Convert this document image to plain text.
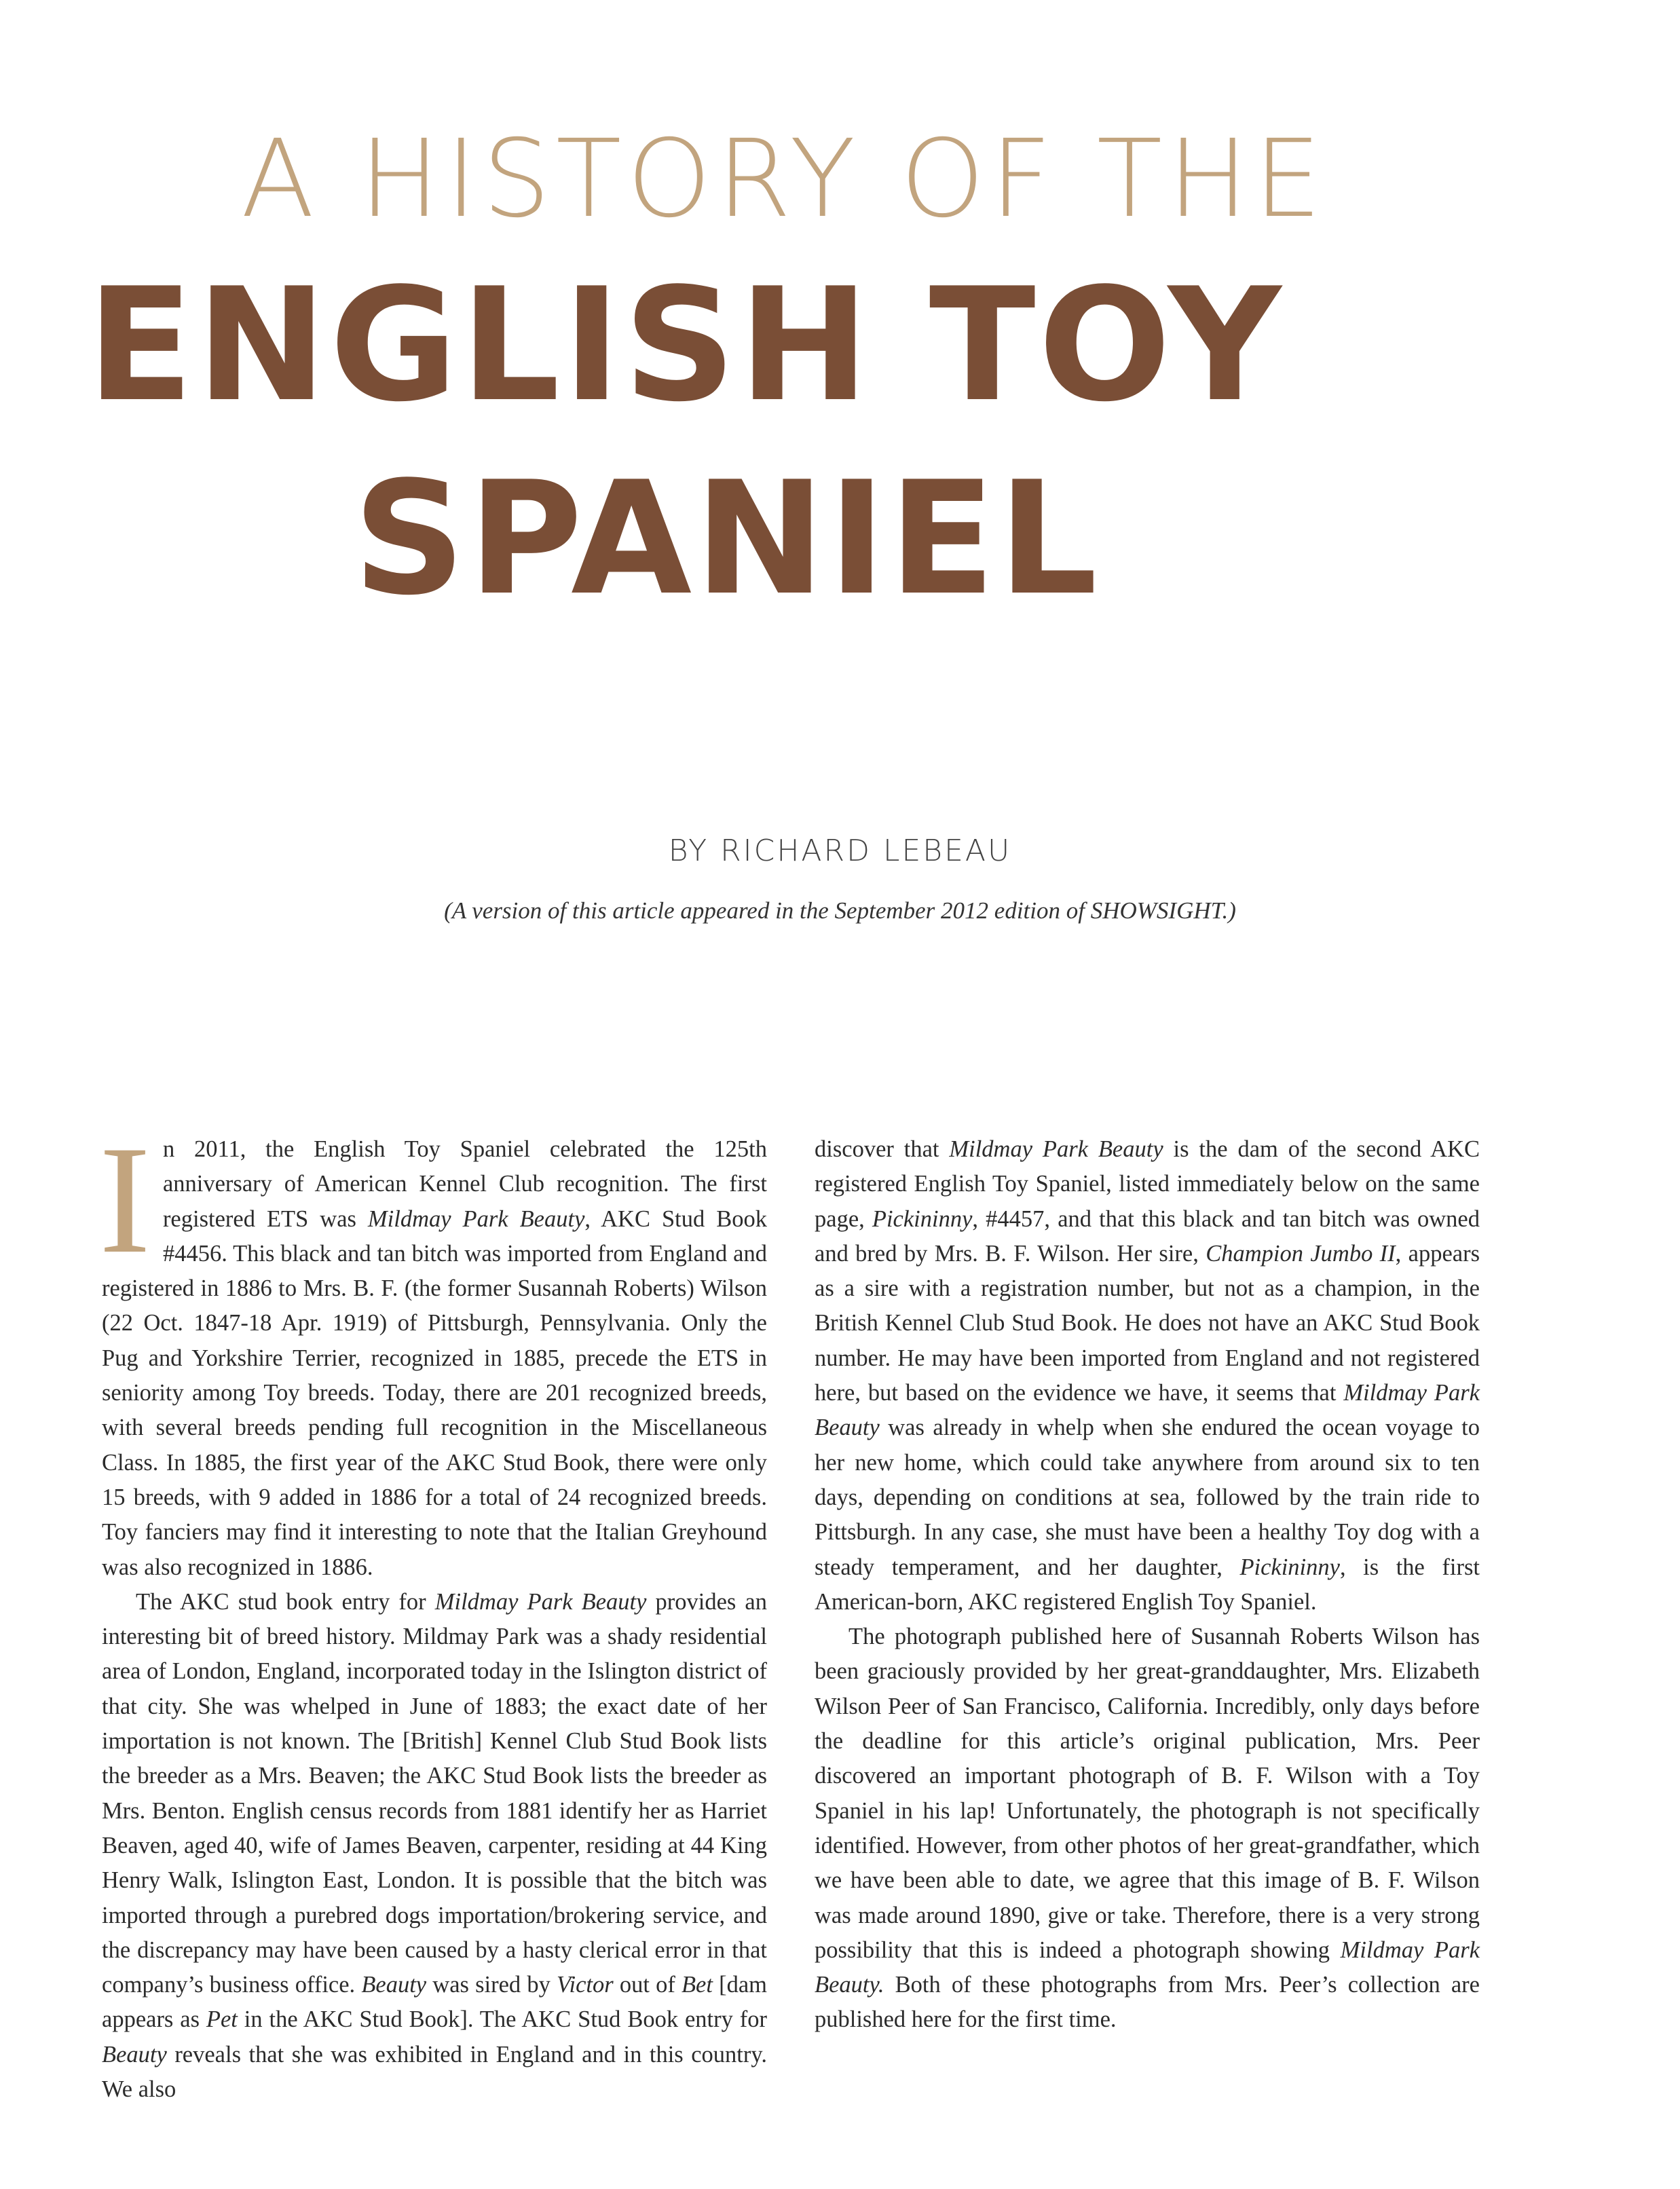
A HISTORY OF THE
ENGLISH TOY
SPANIEL
BY RICHARD LEBEAU
(A version of this article appeared in the September 2012 edition of SHOWSIGHT.)

In 2011, the English Toy Spaniel celebrated the 125th anniversary of American Kennel Club recognition. The first registered ETS was Mildmay Park Beauty, AKC Stud Book #4456. This black and tan bitch was imported from England and registered in 1886 to Mrs. B. F. (the former Susannah Roberts) Wilson (22 Oct. 1847-18 Apr. 1919) of Pittsburgh, Pennsylvania. Only the Pug and Yorkshire Terrier, recognized in 1885, precede the ETS in seniority among Toy breeds. Today, there are 201 recognized breeds, with several breeds pending full recognition in the Miscellaneous Class. In 1885, the first year of the AKC Stud Book, there were only 15 breeds, with 9 added in 1886 for a total of 24 recognized breeds. Toy fanciers may find it interesting to note that the Italian Greyhound was also recognized in 1886.

The AKC stud book entry for Mildmay Park Beauty provides an interesting bit of breed history. Mildmay Park was a shady residential area of London, England, incorporated today in the Islington district of that city. She was whelped in June of 1883; the exact date of her importation is not known. The [British] Kennel Club Stud Book lists the breeder as a Mrs. Beaven; the AKC Stud Book lists the breeder as Mrs. Benton. English census records from 1881 identify her as Harriet Beaven, aged 40, wife of James Beaven, carpenter, residing at 44 King Henry Walk, Islington East, London. It is possible that the bitch was imported through a purebred dogs importation/brokering service, and the discrepancy may have been caused by a hasty clerical error in that company’s business office. Beauty was sired by Victor out of Bet [dam appears as Pet in the AKC Stud Book]. The AKC Stud Book entry for Beauty reveals that she was exhibited in England and in this country. We also

discover that Mildmay Park Beauty is the dam of the second AKC registered English Toy Spaniel, listed immediately below on the same page, Pickininny, #4457, and that this black and tan bitch was owned and bred by Mrs. B. F. Wilson. Her sire, Champion Jumbo II, appears as a sire with a registration number, but not as a champion, in the British Kennel Club Stud Book. He does not have an AKC Stud Book number. He may have been imported from England and not registered here, but based on the evidence we have, it seems that Mildmay Park Beauty was already in whelp when she endured the ocean voyage to her new home, which could take anywhere from around six to ten days, depending on conditions at sea, followed by the train ride to Pittsburgh. In any case, she must have been a healthy Toy dog with a steady temperament, and her daughter, Pickininny, is the first American-born, AKC registered English Toy Spaniel.

The photograph published here of Susannah Roberts Wilson has been graciously provided by her great-granddaughter, Mrs. Elizabeth Wilson Peer of San Francisco, California. Incredibly, only days before the deadline for this article’s original publication, Mrs. Peer discovered an important photograph of B. F. Wilson with a Toy Spaniel in his lap! Unfortunately, the photograph is not specifically identified. However, from other photos of her great-grandfather, which we have been able to date, we agree that this image of B. F. Wilson was made around 1890, give or take. Therefore, there is a very strong possibility that this is indeed a photograph showing Mildmay Park Beauty. Both of these photographs from Mrs. Peer’s collection are published here for the first time.
